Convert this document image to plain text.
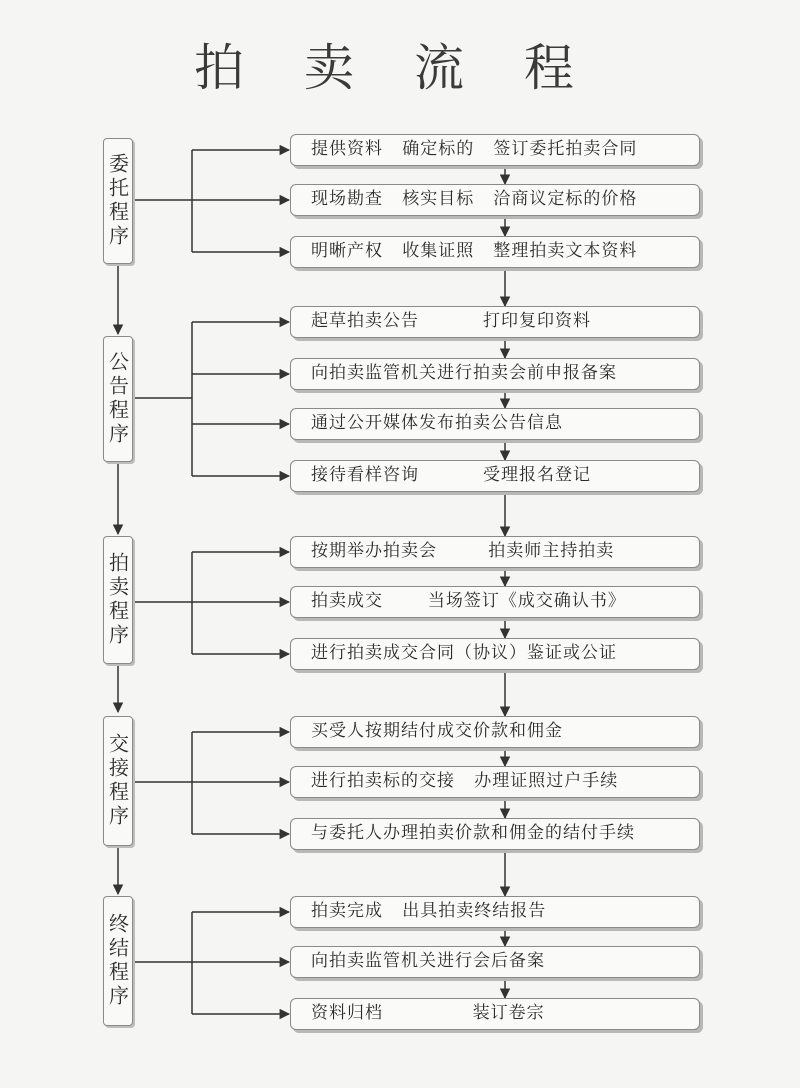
拍 卖 流 程
委托程序
公告程序
拍卖程序
交接程序
终结程序
提供资料   确定标的   签订委托拍卖合同
现场勘查   核实目标   洽商议定标的价格
明晰产权   收集证照   整理拍卖文本资料
起草拍卖公告          打印复印资料
向拍卖监管机关进行拍卖会前申报备案
通过公开媒体发布拍卖公告信息
接待看样咨询          受理报名登记
按期举办拍卖会        拍卖师主持拍卖
拍卖成交       当场签订《成交确认书》
进行拍卖成交合同（协议）鉴证或公证
买受人按期结付成交价款和佣金
进行拍卖标的交接   办理证照过户手续
与委托人办理拍卖价款和佣金的结付手续
拍卖完成   出具拍卖终结报告
向拍卖监管机关进行会后备案
资料归档              装订卷宗
